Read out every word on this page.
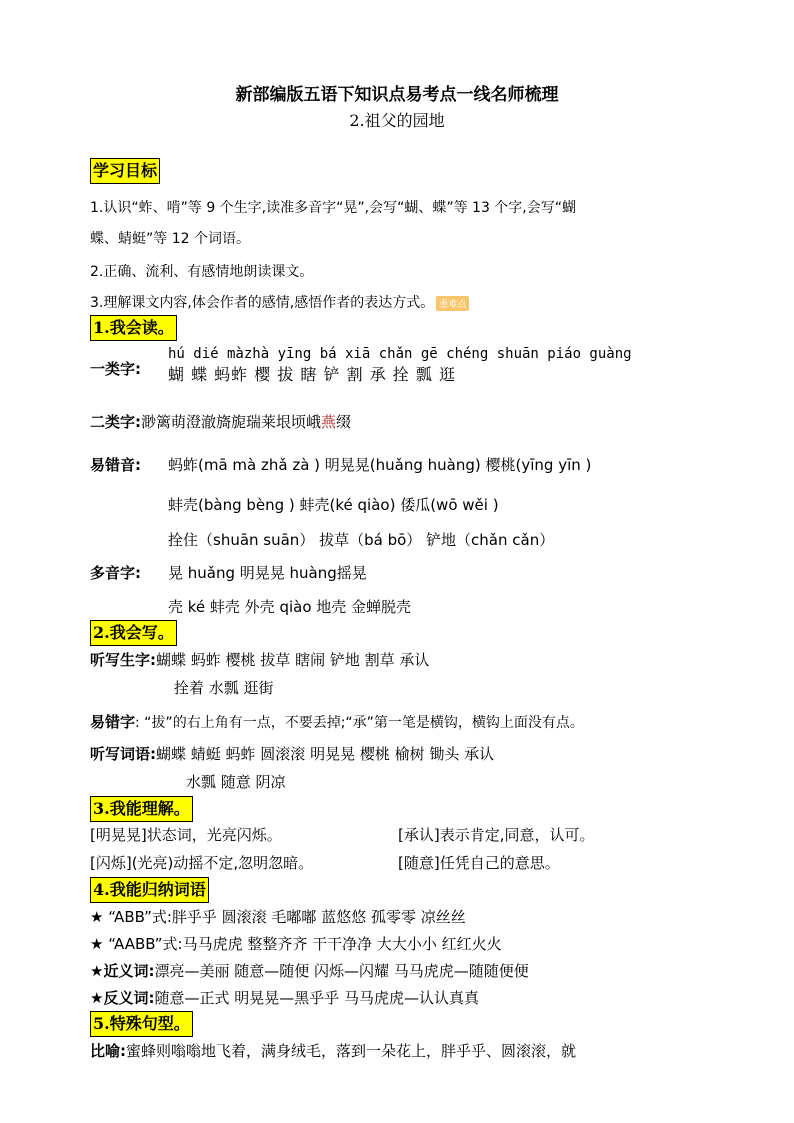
新部编版五语下知识点易考点一线名师梳理
2.祖父的园地
学习目标
1.认识“蚱、啃”等 9 个生字,读准多音字“晃”,会写“蝴、蝶”等 13 个字,会写“蝴
蝶、蜻蜓”等 12 个词语。
2.正确、流利、有感情地朗读课文。
3.理解课文内容,体会作者的感情,感悟作者的表达方式。 重难点
1.我会读。
一类字:
hú dié màzhà yīng bá xiā chǎn gē chéng shuān piáo guàng
蝴 蝶 蚂蚱 樱 拔 瞎 铲 割 承 拴 瓢 逛
二类字:渺篱萌澄澈旖旎瑞莱垠顷峨燕缀
易错音: 蚂蚱(mā mà zhǎ zà ) 明晃晃(huǎng huàng) 樱桃(yīng yīn )
蚌壳(bàng bèng ) 蚌壳(ké qiào) 倭瓜(wō wěi )
拴住（shuān suān） 拔草（bá bō） 铲地（chǎn cǎn）
多音字: 晃 huǎng 明晃晃 huàng摇晃
壳 ké 蚌壳 外壳 qiào 地壳 金蝉脱壳
2.我会写。
听写生字:蝴蝶 蚂蚱 樱桃 拔草 瞎闹 铲地 割草 承认
拴着 水瓢 逛街
易错字: “拔”的右上角有一点，不要丢掉;“承”第一笔是横钩，横钩上面没有点。
听写词语:蝴蝶 蜻蜓 蚂蚱 圆滚滚 明晃晃 樱桃 榆树 锄头 承认
水瓢 随意 阴凉
3.我能理解。
[明晃晃]状态词，光亮闪烁。	[承认]表示肯定,同意，认可。
[闪烁](光亮)动摇不定,忽明忽暗。	[随意]任凭自己的意思。
4.我能归纳词语
★ “ABB”式:胖乎乎 圆滚滚 毛嘟嘟 蓝悠悠 孤零零 凉丝丝
★ “AABB”式:马马虎虎 整整齐齐 干干净净 大大小小 红红火火
★近义词:漂亮—美丽 随意—随便 闪烁—闪耀 马马虎虎—随随便便
★反义词:随意—正式 明晃晃—黑乎乎 马马虎虎—认认真真
5.特殊句型。
比喻:蜜蜂则嗡嗡地飞着，满身绒毛，落到一朵花上，胖乎乎、圆滚滚，就
